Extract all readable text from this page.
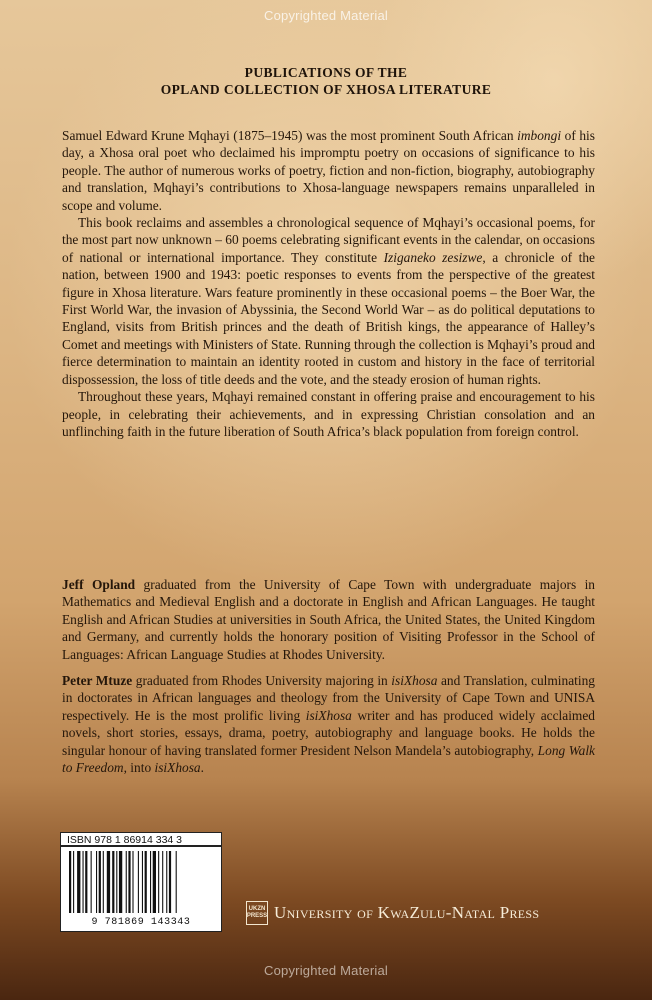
Copyrighted Material
PUBLICATIONS OF THE
OPLAND COLLECTION OF XHOSA LITERATURE

Samuel Edward Krune Mqhayi (1875–1945) was the most prominent South African imbongi of his day, a Xhosa oral poet who declaimed his impromptu poetry on occasions of significance to his people. The author of numerous works of poetry, fiction and non-fiction, biography, autobiography and translation, Mqhayi’s contributions to Xhosa-language newspapers remains unparalleled in scope and volume.

This book reclaims and assembles a chronological sequence of Mqhayi’s occasional poems, for the most part now unknown – 60 poems celebrating significant events in the calendar, on occasions of national or international importance. They constitute Iziganeko zesizwe, a chronicle of the nation, between 1900 and 1943: poetic responses to events from the perspective of the greatest figure in Xhosa literature. Wars feature prominently in these occasional poems – the Boer War, the First World War, the invasion of Abyssinia, the Second World War – as do political deputations to England, visits from British princes and the death of British kings, the appearance of Halley’s Comet and meetings with Ministers of State. Running through the collection is Mqhayi’s proud and fierce determination to maintain an identity rooted in custom and history in the face of territorial dispossession, the loss of title deeds and the vote, and the steady erosion of human rights.

Throughout these years, Mqhayi remained constant in offering praise and encouragement to his people, in celebrating their achievements, and in expressing Christian consolation and an unflinching faith in the future liberation of South Africa’s black population from foreign control.

Jeff Opland graduated from the University of Cape Town with undergraduate majors in Mathematics and Medieval English and a doctorate in English and African Languages. He taught English and African Studies at universities in South Africa, the United States, the United Kingdom and Germany, and currently holds the honorary position of Visiting Professor in the School of Languages: African Language Studies at Rhodes University.

Peter Mtuze graduated from Rhodes University majoring in isiXhosa and Translation, culminating in doctorates in African languages and theology from the University of Cape Town and UNISA respectively. He is the most prolific living isiXhosa writer and has produced widely acclaimed novels, short stories, essays, drama, poetry, autobiography and language books. He holds the singular honour of having translated former President Nelson Mandela’s autobiography, Long Walk to Freedom, into isiXhosa.

ISBN 978 1 86914 334 3
9 781869 143343
UKZN
PRESS University of KwaZulu-Natal Press
Copyrighted Material
